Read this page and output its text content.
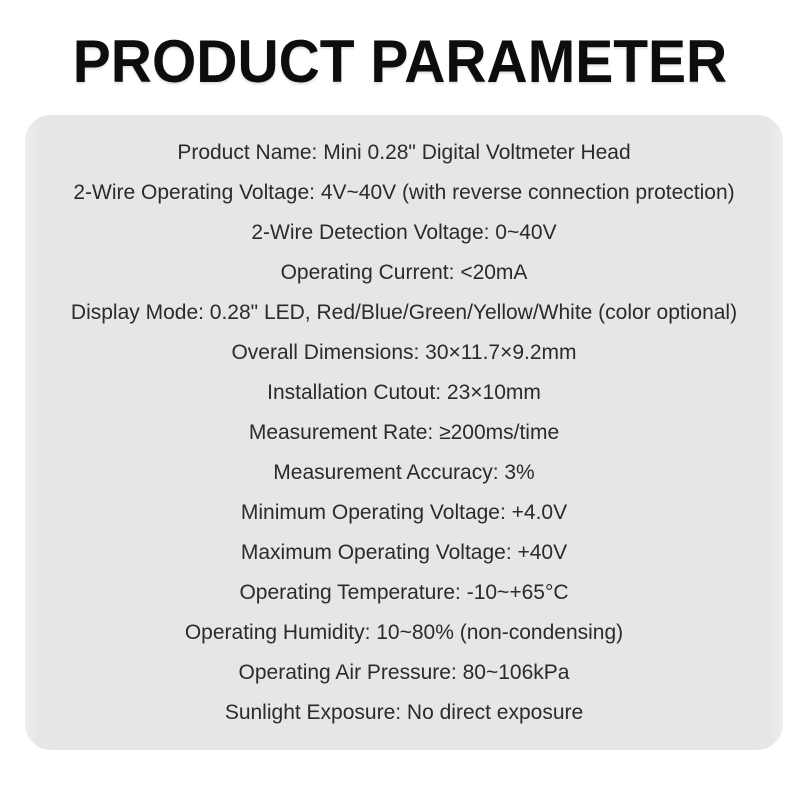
PRODUCT PARAMETER
Product Name: Mini 0.28" Digital Voltmeter Head
2-Wire Operating Voltage: 4V~40V (with reverse connection protection)
2-Wire Detection Voltage: 0~40V
Operating Current: <20mA
Display Mode: 0.28" LED, Red/Blue/Green/Yellow/White (color optional)
Overall Dimensions: 30×11.7×9.2mm
Installation Cutout: 23×10mm
Measurement Rate: ≥200ms/time
Measurement Accuracy: 3%
Minimum Operating Voltage: +4.0V
Maximum Operating Voltage: +40V
Operating Temperature: -10~+65°C
Operating Humidity: 10~80% (non-condensing)
Operating Air Pressure: 80~106kPa
Sunlight Exposure: No direct exposure
